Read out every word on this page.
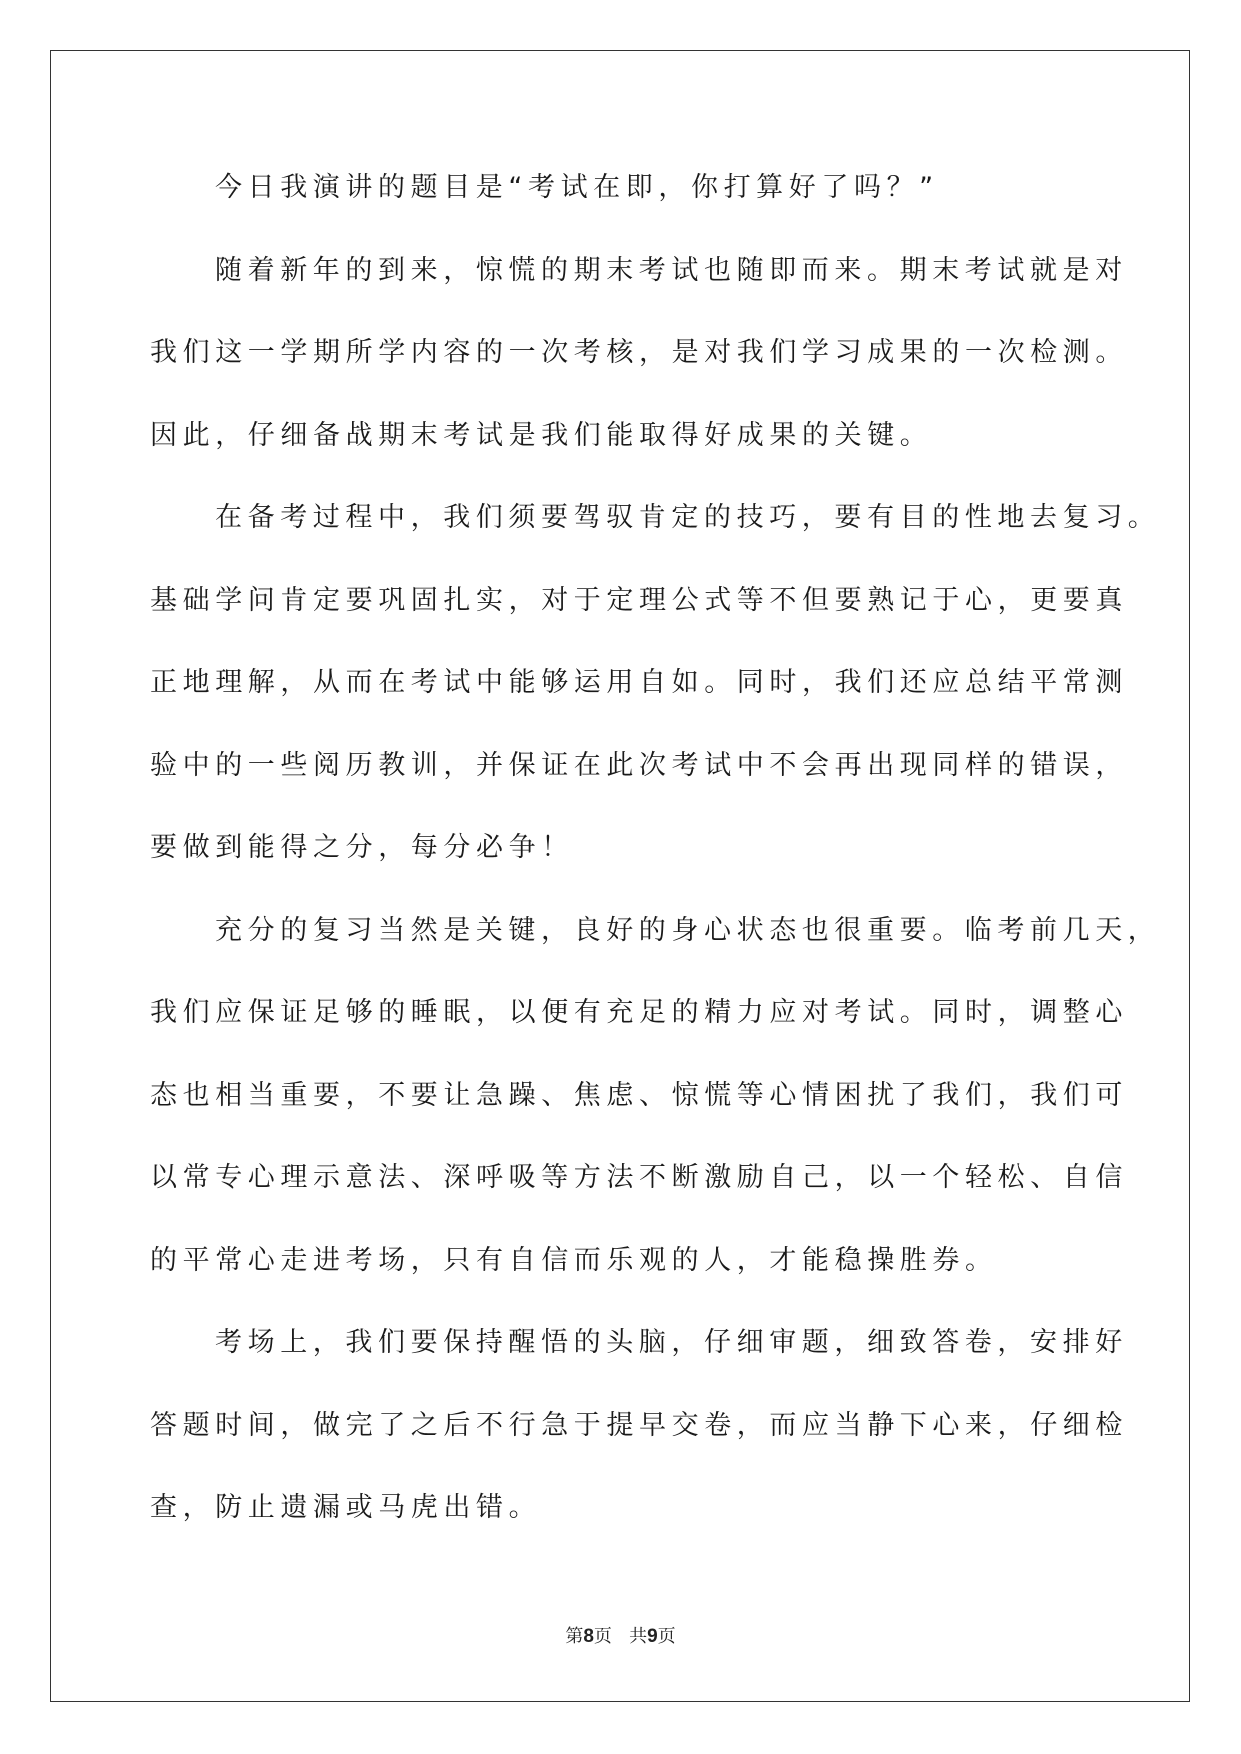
今日我演讲的题目是“考试在即，你打算好了吗？”
随着新年的到来，惊慌的期末考试也随即而来。期末考试就是对
我们这一学期所学内容的一次考核，是对我们学习成果的一次检测。
因此，仔细备战期末考试是我们能取得好成果的关键。
在备考过程中，我们须要驾驭肯定的技巧，要有目的性地去复习。
基础学问肯定要巩固扎实，对于定理公式等不但要熟记于心，更要真
正地理解，从而在考试中能够运用自如。同时，我们还应总结平常测
验中的一些阅历教训，并保证在此次考试中不会再出现同样的错误，
要做到能得之分，每分必争！
充分的复习当然是关键，良好的身心状态也很重要。临考前几天，
我们应保证足够的睡眠，以便有充足的精力应对考试。同时，调整心
态也相当重要，不要让急躁、焦虑、惊慌等心情困扰了我们，我们可
以常专心理示意法、深呼吸等方法不断激励自己，以一个轻松、自信
的平常心走进考场，只有自信而乐观的人，才能稳操胜券。
考场上，我们要保持醒悟的头脑，仔细审题，细致答卷，安排好
答题时间，做完了之后不行急于提早交卷，而应当静下心来，仔细检
查，防止遗漏或马虎出错。
第8页 共9页
